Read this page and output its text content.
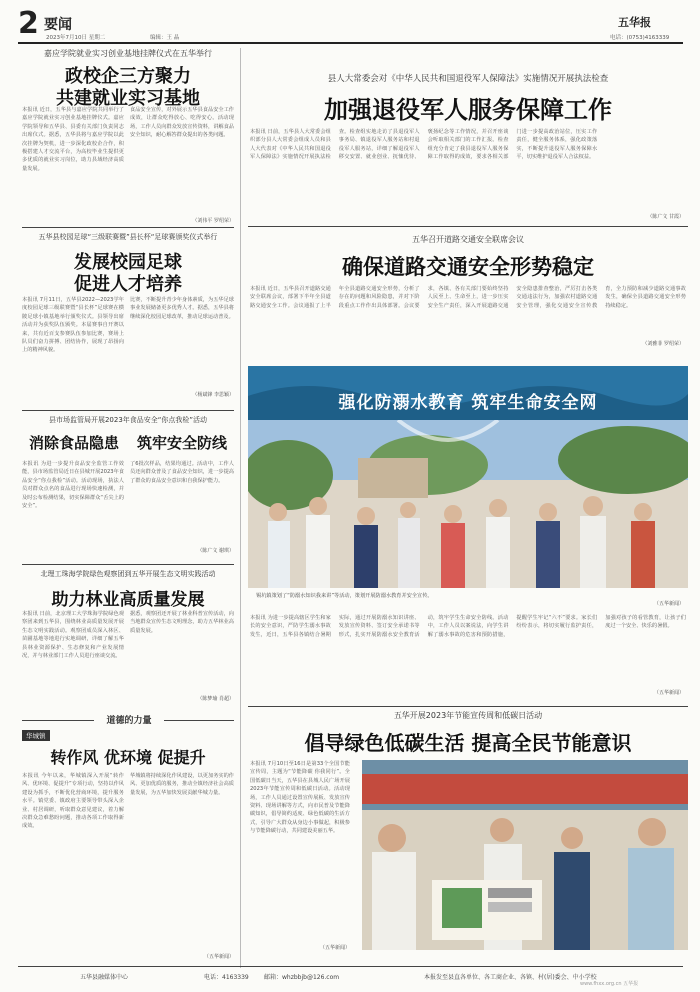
2 要闻
2023年7月10日 星期二	编辑：王 晶
五华报
电话：(0753)4163339
嘉应学院就业实习创业基地挂牌仪式在五华举行
政校企三方聚力
共建就业实习基地
本报讯 近日，五华县与嘉应学院共同举行了嘉应学院就业实习创业基地挂牌仪式。嘉应学院领导和五华县、县委有关部门负责同志出席仪式。据悉，五华县将与嘉应学院以此次挂牌为契机，进一步深化政校企合作，积极搭建人才交流平台，为高校毕业生提供更多优质的就业实习岗位，助力县域经济高质量发展。
食品安全宣传，对外展示五华县食品安全工作成效，让群众吃得放心、吃得安心。活动现场，工作人员向群众发放宣传资料，讲解食品安全知识，耐心解答群众提出的各类问题。
（刘伟平 罗绍荣）
五华县校园足球“三级联赛暨”县长杯“足球赛颁奖仪式举行
发展校园足球
促进人才培养
本报讯 7月11日，五华县2022—2023学年度校园足球三级联赛暨“县长杯”足球赛在横陂足球小镇基地举行颁奖仪式。县领导出席活动并为获奖队伍颁奖。本届赛事自开赛以来，共有近百支参赛队伍参加比赛，赛场上队员们奋力拼搏、团结协作，展现了昂扬向上的精神风貌。
比赛，不断提升青少年身体素质，为五华足球事业发展储备更多优秀人才。据悉，五华县将继续深化校园足球改革，推动足球运动普及。
（杨斌锋 李思颖）
县市场监管局开展2023年食品安全“你点我检”活动
消除食品隐患	筑牢安全防线
本报讯 为进一步提升食品安全监管工作效能，县市场监管局近日在县城开展2023年食品安全“你点我检”活动。活动现场，执法人员对群众点名的食品进行现场快速检测，并及时公布检测结果，切实保障群众“舌尖上的安全”。
了6批次样品，结果均通过。活动中，工作人员还向群众普及了食品安全知识，进一步提高了群众的食品安全意识和自我保护能力。
（陈广文 谢琪）
北理工珠海学院绿色观察团到五华开展生态文明实践活动
助力林业高质量发展
本报讯 日前，北京理工大学珠海学院绿色观察团来到五华县，围绕林业高质量发展开展生态文明实践活动。观察团成员深入林区、苗圃基地等地进行实地调研，详细了解五华县林业资源保护、生态修复和产业发展情况，并与林业部门工作人员进行座谈交流。
据悉，观察团还开展了林业科普宣传活动，向当地群众宣传生态文明理念，助力五华林业高质量发展。
（陈梦瑜 肖超）
道德的力量
华城镇
转作风 优环境 促提升
本报讯 今年以来，华城镇深入开展“转作风、优环境、促提升”专项行动，坚持以作风建设为抓手，不断优化营商环境，提升服务水平。镇党委、镇政府主要领导带头深入企业、村居调研，听取群众意见建议，着力解决群众急难愁盼问题，推动各项工作取得新成效。
华城镇将持续深化作风建设，以更加务实的作风、更加优质的服务，推动全镇经济社会高质量发展，为五华加快发展贡献华城力量。
（五华新闻）
县人大常委会对《中华人民共和国退役军人保障法》实施情况开展执法检查
加强退役军人服务保障工作
本报讯 日前，五华县人大常委会组织部分县人大常委会组成人员和县人大代表对《中华人民共和国退役军人保障法》实施情况开展执法检查。检查组实地走访了县退役军人事务局、镇退役军人服务站和村退役军人服务站，详细了解退役军人移交安置、就业创业、抚恤优待、褒扬纪念等工作情况，并召开座谈会听取相关部门的工作汇报。检查组充分肯定了我县退役军人服务保障工作取得的成效，要求各相关部门进一步提高政治站位，压实工作责任，健全服务体系，强化政策落实，不断提升退役军人服务保障水平，切实维护退役军人合法权益。
（陈广文 甘霞）
五华召开道路交通安全联席会议
确保道路交通安全形势稳定
本报讯 近日，五华县召开道路交通安全联席会议，部署下半年全县道路交通安全工作。会议通报了上半年全县道路交通安全形势，分析了存在的问题和风险隐患，并对下阶段重点工作作出具体部署。会议要求，各镇、各有关部门要始终坚持人民至上、生命至上，进一步压实安全生产责任，深入开展道路交通安全隐患排查整治，严厉打击各类交通违法行为，加强农村道路交通安全管理，强化交通安全宣传教育，全力预防和减少道路交通事故发生，确保全县道路交通安全形势持续稳定。
（刘雅菲 罗绍荣）
强化防溺水教育 筑牢生命安全网
锡坑镇策划了“防溺水知识我来讲”等活动，策划开展防溺水教育并安全宣传。
（五华新闻）
本报讯 为进一步提高辖区学生和家长的安全意识，严防学生溺水事故发生，近日，五华县各镇结合暑期实际，通过开展防溺水知识讲座、发放宣传资料、签订安全承诺书等形式，扎实开展防溺水安全教育活动，筑牢学生生命安全防线。活动中，工作人员以案说法，向学生讲解了溺水事故的危害和预防措施，提醒学生牢记“六不”要求。家长们纷纷表示，将切实履行监护责任，加强对孩子的看管教育，让孩子们度过一个安全、快乐的暑假。
（五华新闻）
五华开展2023年节能宣传周和低碳日活动
倡导绿色低碳生活 提高全民节能意识
本报讯 7月10日至16日是第33个全国节能宣传周，主题为“节能降碳 你我同行”。全国低碳日当天，五华县在县城人民广场开展2023年节能宣传周和低碳日活动。活动现场，工作人员通过设置宣传展板、发放宣传资料、现场讲解等方式，向市民普及节能降碳知识，倡导简约适度、绿色低碳的生活方式，引导广大群众从身边小事做起，积极参与节能降碳行动，共同建设美丽五华。
（五华新闻）
五华县融媒体中心	电话：4163339	邮箱：whzbbjb@126.com	本报发至县直各单位、各工商企业、各镇、村(居)委会、中小学校
www.fhxx.org.cn 五华报
